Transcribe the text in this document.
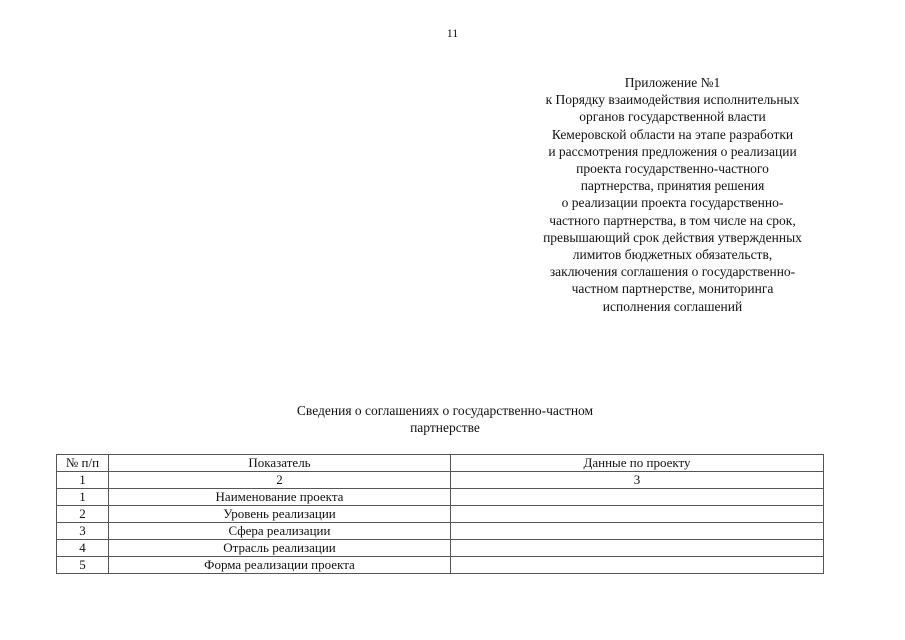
11
Приложение №1
к Порядку взаимодействия исполнительных
органов государственной власти
Кемеровской области на этапе разработки
и рассмотрения предложения о реализации
проекта государственно-частного
партнерства, принятия решения
о реализации проекта государственно-
частного партнерства, в том числе на срок,
превышающий срок действия утвержденных
лимитов бюджетных обязательств,
заключения соглашения о государственно-
частном партнерстве, мониторинга
исполнения соглашений
Сведения о соглашениях о государственно-частном
партнерстве
№ п/п	Показатель	Данные по проекту
1	2	3
1	Наименование проекта	
2	Уровень реализации	
3	Сфера реализации	
4	Отрасль реализации	
5	Форма реализации проекта	
